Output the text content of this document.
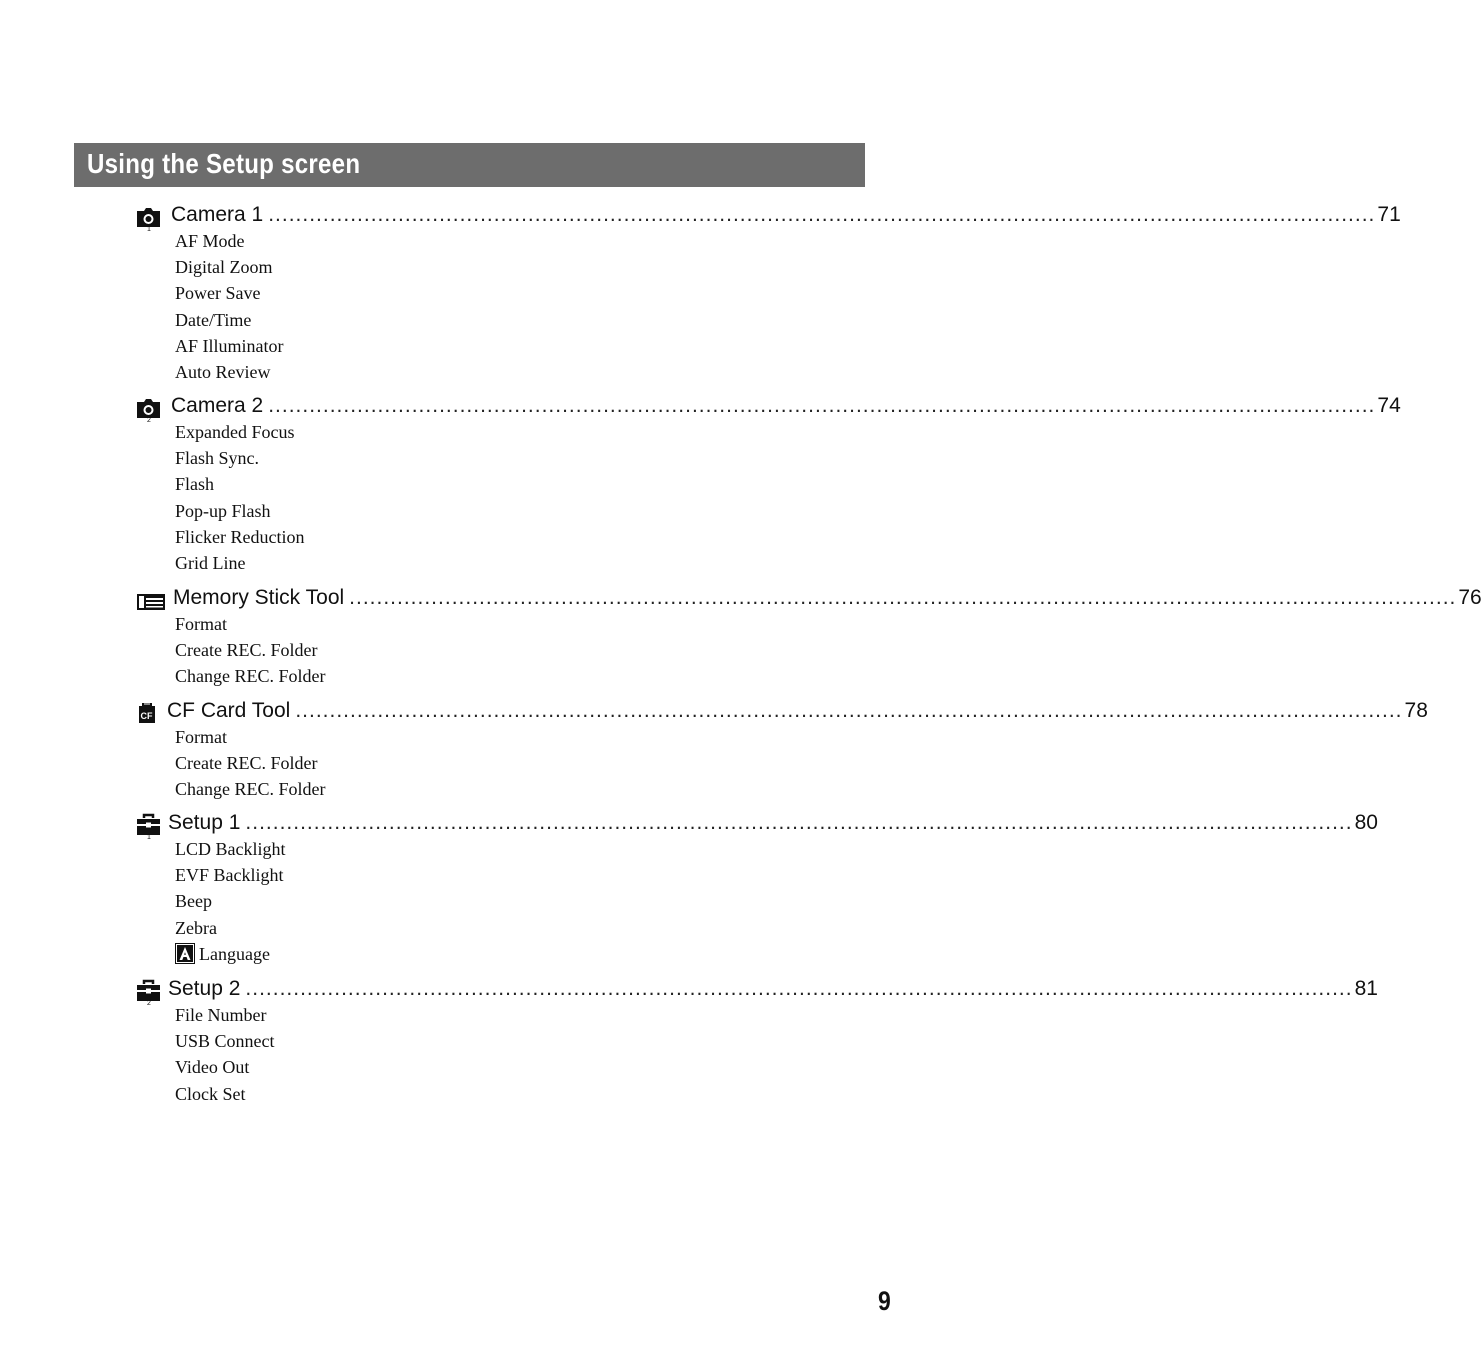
Using the Setup screen
1
Camera 1 .................................................................................................................................................................. 71
AF Mode
Digital Zoom
Power Save
Date/Time
AF Illuminator
Auto Review
2
Camera 2 .................................................................................................................................................................. 74
Expanded Focus
Flash Sync.
Flash
Pop-up Flash
Flicker Reduction
Grid Line
Memory Stick Tool .................................................................................................................................................................. 76
Format
Create REC. Folder
Change REC. Folder
CF CF Card Tool .................................................................................................................................................................. 78
Format
Create REC. Folder
Change REC. Folder
1
Setup 1 .................................................................................................................................................................. 80
LCD Backlight
EVF Backlight
Beep
Zebra
Language
2
Setup 2 .................................................................................................................................................................. 81
File Number
USB Connect
Video Out
Clock Set
9
